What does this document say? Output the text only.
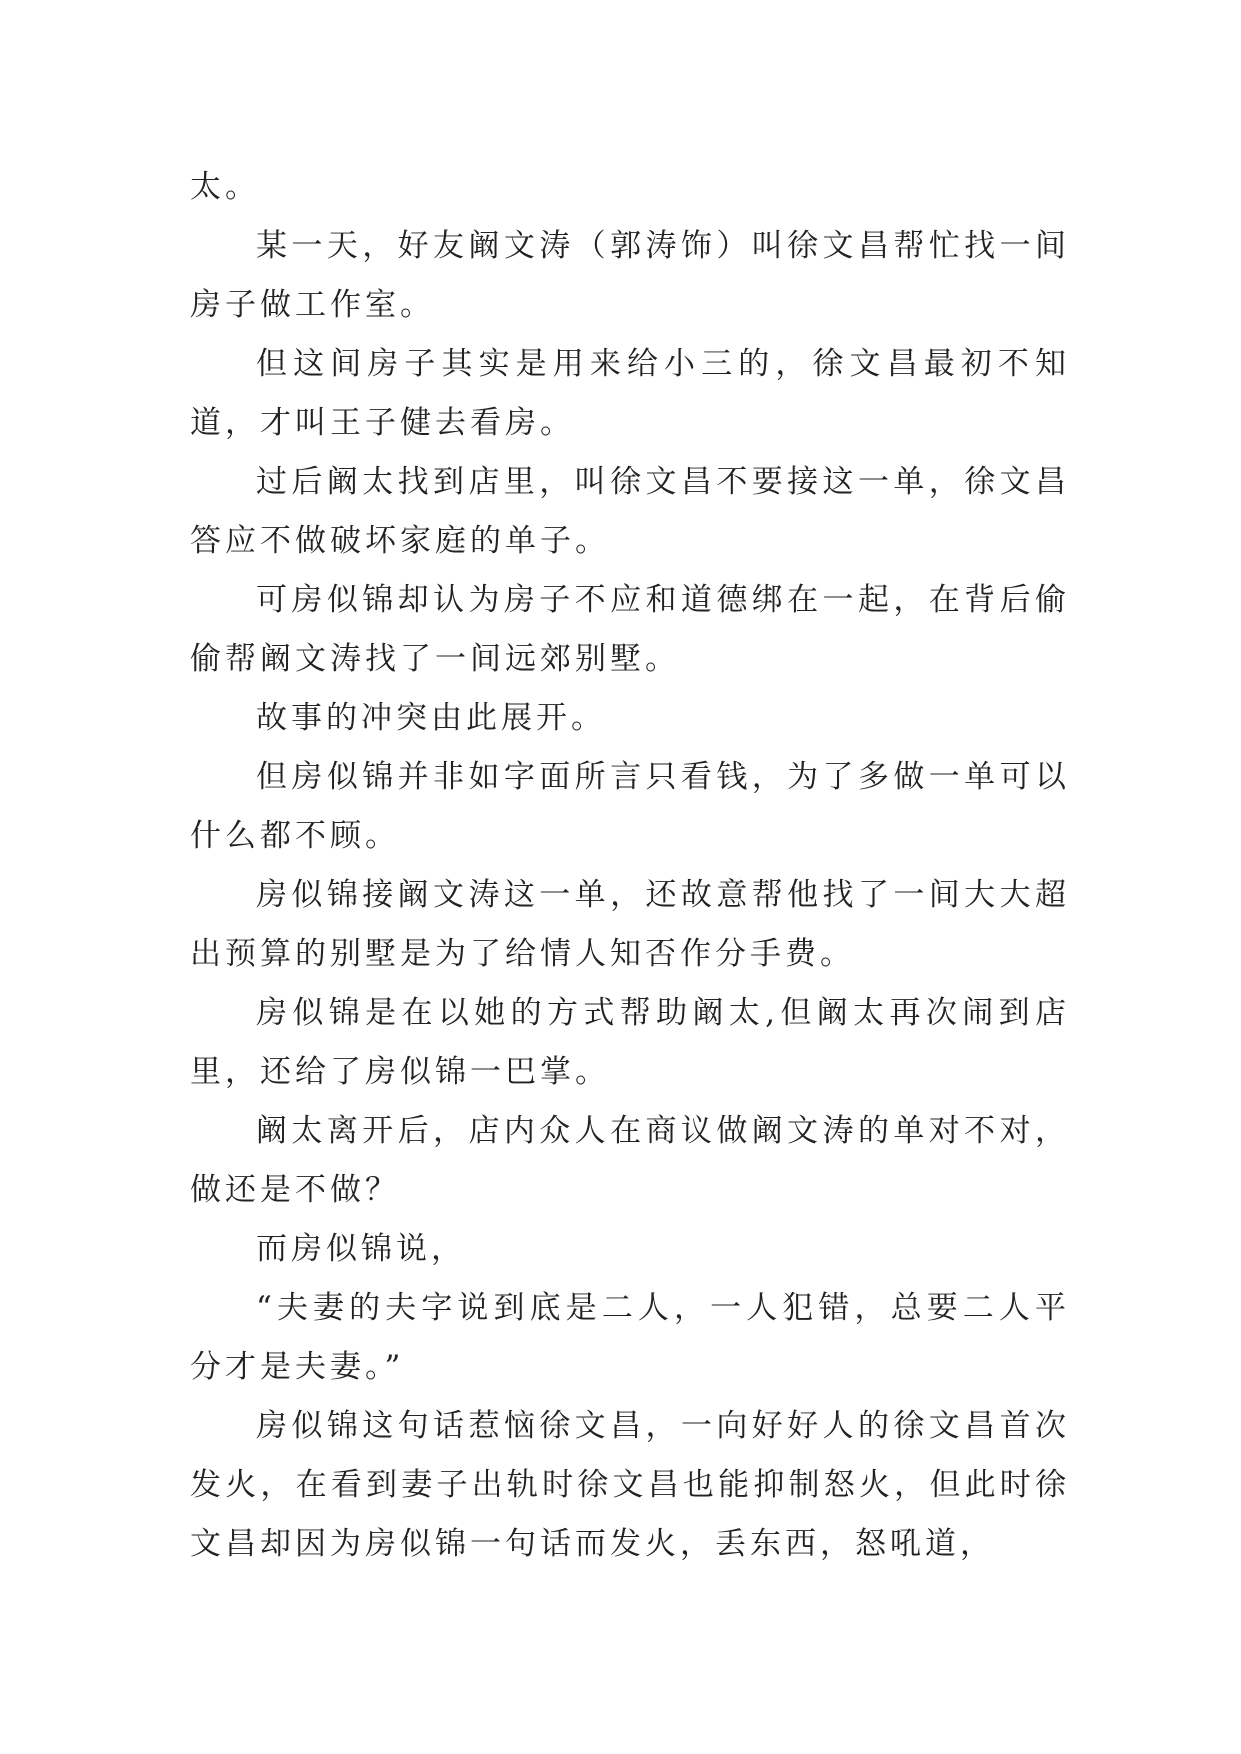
太。

某一天，好友阚文涛（郭涛饰）叫徐文昌帮忙找一间房子做工作室。

但这间房子其实是用来给小三的，徐文昌最初不知道，才叫王子健去看房。

过后阚太找到店里，叫徐文昌不要接这一单，徐文昌答应不做破坏家庭的单子。

可房似锦却认为房子不应和道德绑在一起，在背后偷偷帮阚文涛找了一间远郊别墅。

故事的冲突由此展开。

但房似锦并非如字面所言只看钱，为了多做一单可以什么都不顾。

房似锦接阚文涛这一单，还故意帮他找了一间大大超出预算的别墅是为了给情人知否作分手费。

房似锦是在以她的方式帮助阚太,但阚太再次闹到店里，还给了房似锦一巴掌。

阚太离开后，店内众人在商议做阚文涛的单对不对，做还是不做？

而房似锦说，

“夫妻的夫字说到底是二人，一人犯错，总要二人平分才是夫妻。”

房似锦这句话惹恼徐文昌，一向好好人的徐文昌首次发火，在看到妻子出轨时徐文昌也能抑制怒火，但此时徐文昌却因为房似锦一句话而发火，丢东西，怒吼道，
